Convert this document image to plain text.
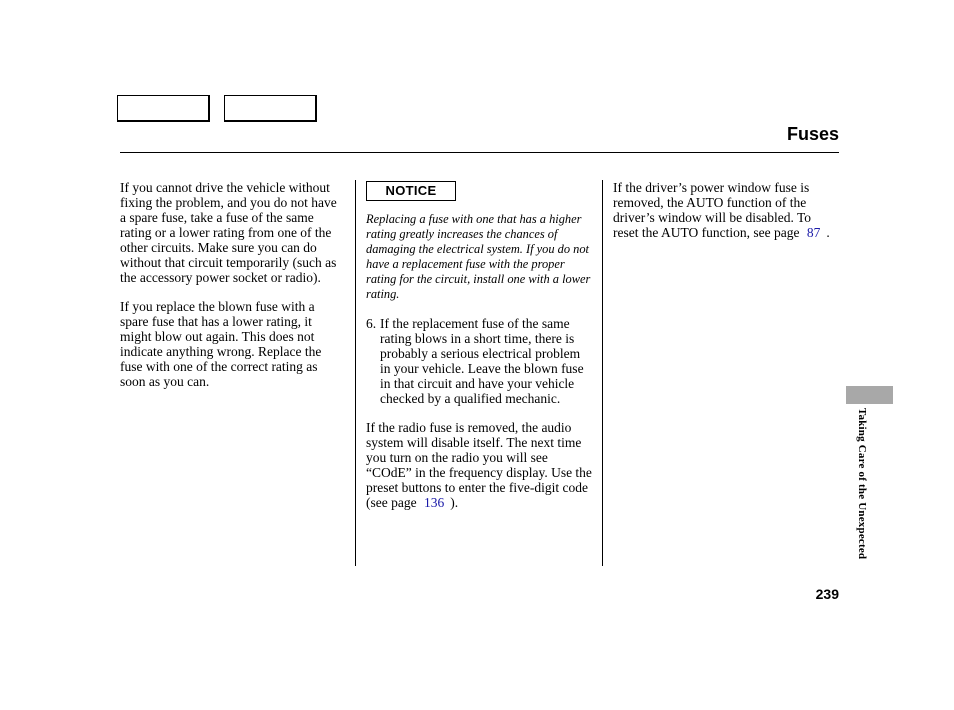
Fuses

If you cannot drive the vehicle without fixing the problem, and you do not have a spare fuse, take a fuse of the same rating or a lower rating from one of the other circuits. Make sure you can do without that circuit temporarily (such as the accessory power socket or radio).

If you replace the blown fuse with a spare fuse that has a lower rating, it might blow out again. This does not indicate anything wrong. Replace the fuse with one of the correct rating as soon as you can.

NOTICE

Replacing a fuse with one that has a higher rating greatly increases the chances of damaging the electrical system. If you do not have a replacement fuse with the proper rating for the circuit, install one with a lower rating.

6. If the replacement fuse of the same rating blows in a short time, there is probably a serious electrical problem in your vehicle. Leave the blown fuse in that circuit and have your vehicle checked by a qualified mechanic.

If the radio fuse is removed, the audio system will disable itself. The next time you turn on the radio you will see “COdE” in the frequency display. Use the preset buttons to enter the five-digit code (see page 136 ).

If the driver’s power window fuse is removed, the AUTO function of the driver’s window will be disabled. To reset the AUTO function, see page 87 .

Taking Care of the Unexpected
239
